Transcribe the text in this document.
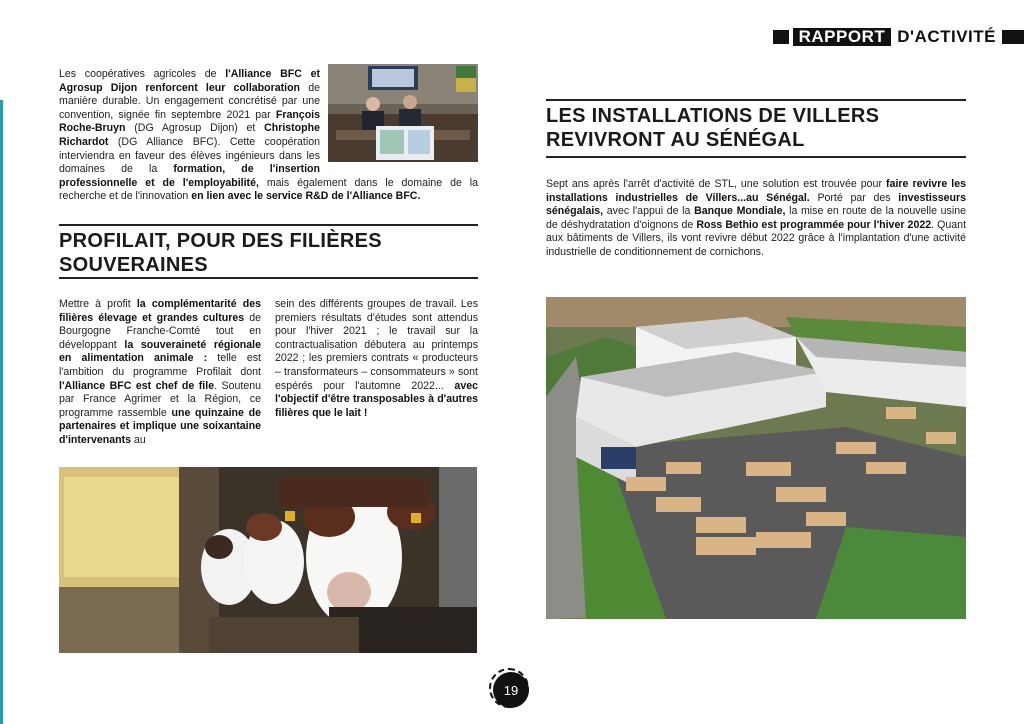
RAPPORT D'ACTIVITÉ
Les coopératives agricoles de l'Alliance BFC et Agrosup Dijon renforcent leur collaboration de manière durable. Un engagement concrétisé par une convention, signée fin septembre 2021 par François Roche-Bruyn (DG Agrosup Dijon) et Christophe Richardot (DG Alliance BFC). Cette coopération interviendra en faveur des élèves ingénieurs dans les domaines de la formation, de l'insertion professionnelle et de l'employabilité, mais également dans le domaine de la recherche et de l'innovation en lien avec le service R&D de l'Alliance BFC.
PROFILAIT, POUR DES FILIÈRES SOUVERAINES
Mettre à profit la complémentarité des filières élevage et grandes cultures de Bourgogne Franche-Comté tout en développant la souveraineté régionale en alimentation animale : telle est l'ambition du programme Profilait dont l'Alliance BFC est chef de file. Soutenu par France Agrimer et la Région, ce programme rassemble une quinzaine de partenaires et implique une soixantaine d'intervenants au
sein des différents groupes de travail. Les premiers résultats d'études sont attendus pour l'hiver 2021 ; le travail sur la contractualisation débutera au printemps 2022 ; les premiers contrats « producteurs – transformateurs – consommateurs » sont espérés pour l'automne 2022... avec l'objectif d'être transposables à d'autres filières que le lait !
LES INSTALLATIONS DE VILLERS REVIVRONT AU SÉNÉGAL
Sept ans après l'arrêt d'activité de STL, une solution est trouvée pour faire revivre les installations industrielles de Villers...au Sénégal. Porté par des investisseurs sénégalais, avec l'appui de la Banque Mondiale, la mise en route de la nouvelle usine de déshydratation d'oignons de Ross Bethio est programmée pour l'hiver 2022. Quant aux bâtiments de Villers, ils vont revivre début 2022 grâce à l'implantation d'une activité industrielle de conditionnement de cornichons.
19
